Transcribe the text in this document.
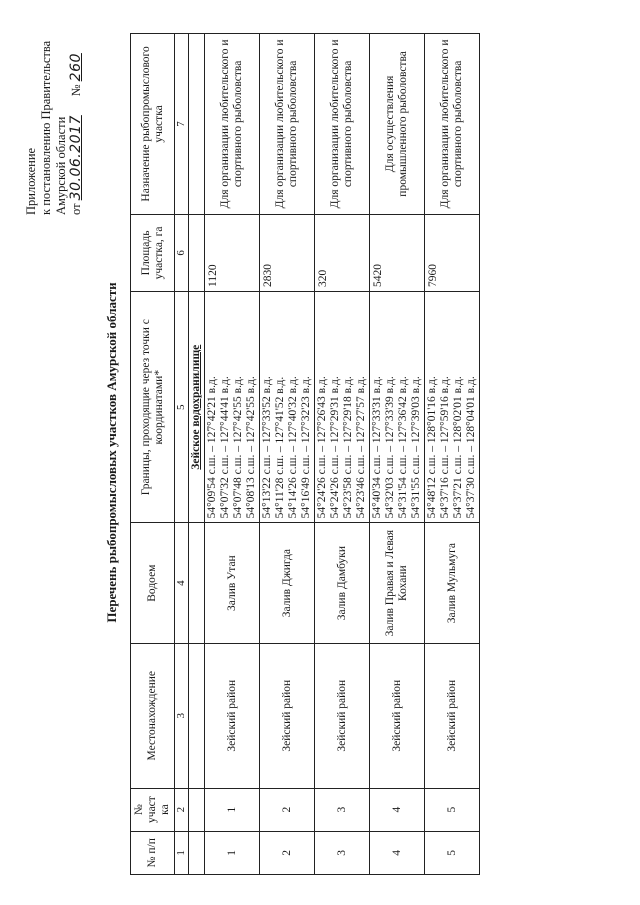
Приложение к постановлению Правительства Амурской области от 30.06.2017      № 260
Перечень рыбопромысловых участков Амурской области
№ п/п	№ участ ка	Местонахождение	Водоем	Границы, проходящие через точки с координатами*	Площадь участка, га	Назначение рыбопромыслового участка
1	2	3	4	5	6	7
				Зейское водохранилище		
1	1	Зейский район	Залив Утан	54°09'54 с.ш. – 127°42'21 в.д. 54°07'32 с.ш. – 127°44'41 в.д. 54°07'48 с.ш. – 127°42'55 в.д. 54°08'13 с.ш. – 127°42'55 в.д.	1120	Для организации любительского и спортивного рыболовства
2	2	Зейский район	Залив Джигда	54°13'22 с.ш. – 127°33'52 в.д. 54°11'28 с.ш. – 127°41'52 в.д. 54°14'26 с.ш. – 127°40'32 в.д. 54°16'49 с.ш. – 127°32'23 в.д.	2830	Для организации любительского и спортивного рыболовства
3	3	Зейский район	Залив Дамбуки	54°24'26 с.ш. – 127°26'43 в.д. 54°24'26 с.ш. – 127°29'31 в.д. 54°23'58 с.ш. – 127°29'18 в.д. 54°23'46 с.ш. – 127°27'57 в.д.	320	Для организации любительского и спортивного рыболовства
4	4	Зейский район	Залив Правая и Левая Кохани	54°40'34 с.ш. – 127°33'31 в.д. 54°32'03 с.ш. – 127°33'39 в.д. 54°31'54 с.ш. – 127°36'42 в.д. 54°31'55 с.ш. – 127°39'03 в.д.	5420	Для осуществления промышленного рыболовства
5	5	Зейский район	Залив Мульмуга	54°48'12 с.ш. – 128°01'16 в.д. 54°37'16 с.ш. – 127°59'16 в.д. 54°37'21 с.ш. – 128°02'01 в.д. 54°37'30 с.ш. – 128°04'01 в.д.	7960	Для организации любительского и спортивного рыболовства
